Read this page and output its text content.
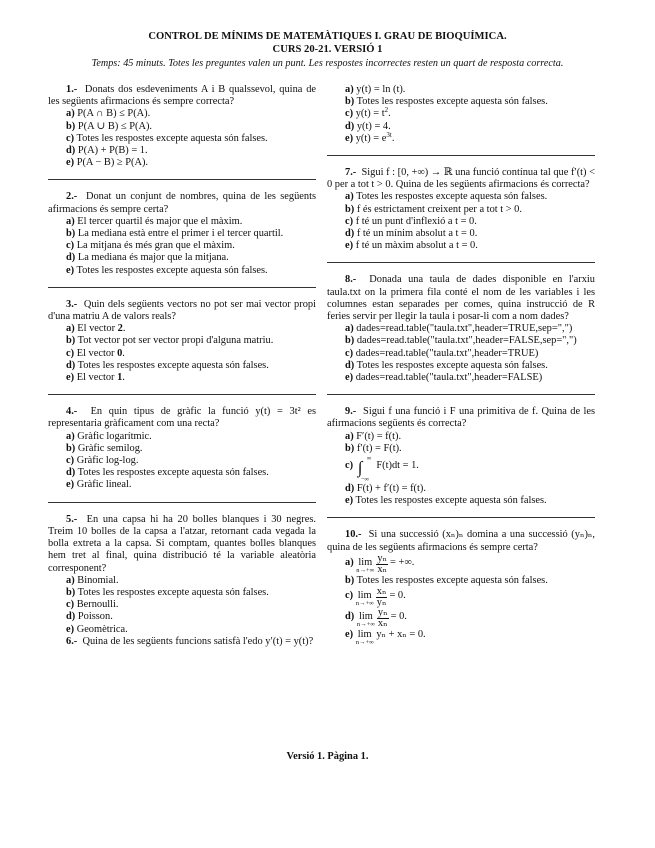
CONTROL DE MÍNIMS DE MATEMÀTIQUES I. GRAU DE BIOQUÍMICA.
CURS 20-21. VERSIÓ 1
Temps: 45 minuts. Totes les preguntes valen un punt. Les respostes incorrectes resten un quart de resposta correcta.
1.- Donats dos esdeveniments A i B qualssevol, quina de les següents afirmacions és sempre correcta?
a) P(A ∩ B) ≤ P(A).
b) P(A ∪ B) ≤ P(A).
c) Totes les respostes excepte aquesta són falses.
d) P(A) + P(B) = 1.
e) P(A − B) ≥ P(A).
2.- Donat un conjunt de nombres, quina de les següents afirmacions és sempre certa?
a) El tercer quartil és major que el màxim.
b) La mediana està entre el primer i el tercer quartil.
c) La mitjana és més gran que el màxim.
d) La mediana és major que la mitjana.
e) Totes les respostes excepte aquesta són falses.
3.- Quin dels següents vectors no pot ser mai vector propi d'una matriu A de valors reals?
a) El vector 2.
b) Tot vector pot ser vector propi d'alguna matriu.
c) El vector 0.
d) Totes les respostes excepte aquesta són falses.
e) El vector 1.
4.- En quin tipus de gràfic la funció y(t) = 3t² es representaria gràficament com una recta?
a) Gràfic logarítmic.
b) Gràfic semilog.
c) Gràfic log-log.
d) Totes les respostes excepte aquesta són falses.
e) Gràfic lineal.
5.- En una capsa hi ha 20 bolles blanques i 30 negres. Treim 10 bolles de la capsa a l'atzar, retornant cada vegada la bolla extreta a la capsa. Si comptam, quantes bolles blanques hem tret al final, quina distribució té la variable aleatòria corresponent?
a) Binomial.
b) Totes les respostes excepte aquesta són falses.
c) Bernoulli.
d) Poisson.
e) Geomètrica.
6.- Quina de les següents funcions satisfà l'edo y′(t) = y(t)?
a) y(t) = ln (t).
b) Totes les respostes excepte aquesta són falses.
c) $y(t) = t^2$.
d) y(t) = 4.
e) $y(t) = e^{3t}$.
7.- Sigui f : [0, +∞) → ℝ una funció contínua tal que f′(t) < 0 per a tot t > 0. Quina de les següents afirmacions és correcta?
a) Totes les respostes excepte aquesta són falses.
b) f és estrictament creixent per a tot t > 0.
c) f té un punt d'inflexió a t = 0.
d) f té un mínim absolut a t = 0.
e) f té un màxim absolut a t = 0.
8.- Donada una taula de dades disponible en l'arxiu taula.txt on la primera fila conté el nom de les variables i les columnes estan separades per comes, quina instrucció de R feries servir per llegir la taula i posar-li com a nom dades?
a) dades=read.table("taula.txt",header=TRUE,sep=",")
b) dades=read.table("taula.txt",header=FALSE,sep=",")
c) dades=read.table("taula.txt",header=TRUE)
d) Totes les respostes excepte aquesta són falses.
e) dades=read.table("taula.txt",header=FALSE)
9.- Sigui f una funció i F una primitiva de f. Quina de les afirmacions següents és correcta?
a) F′(t) = f(t).
b) f′(t) = F(t).
c) ∫ ∞
−∞
F(t)dt = 1.
d) F(t) + f′(t) = f(t).
e) Totes les respostes excepte aquesta són falses.
10.- Si una successió (xₙ)ₙ domina a una successió (yₙ)ₙ, quina de les següents afirmacions és sempre certa?
a) lim
$n\to+\infty \frac{\text{yₙ}}{\text{xₙ}}$ = +∞.
b) Totes les respostes excepte aquesta són falses.
c) lim
$n\to+\infty \frac{\text{xₙ}}{\text{yₙ}} = 0$.
d) lim
$n\to+\infty \frac{\text{yₙ}}{\text{xₙ}} = 0$.
e) lim
n→+∞
yₙ + xₙ = 0.
Versió 1. Pàgina 1.
